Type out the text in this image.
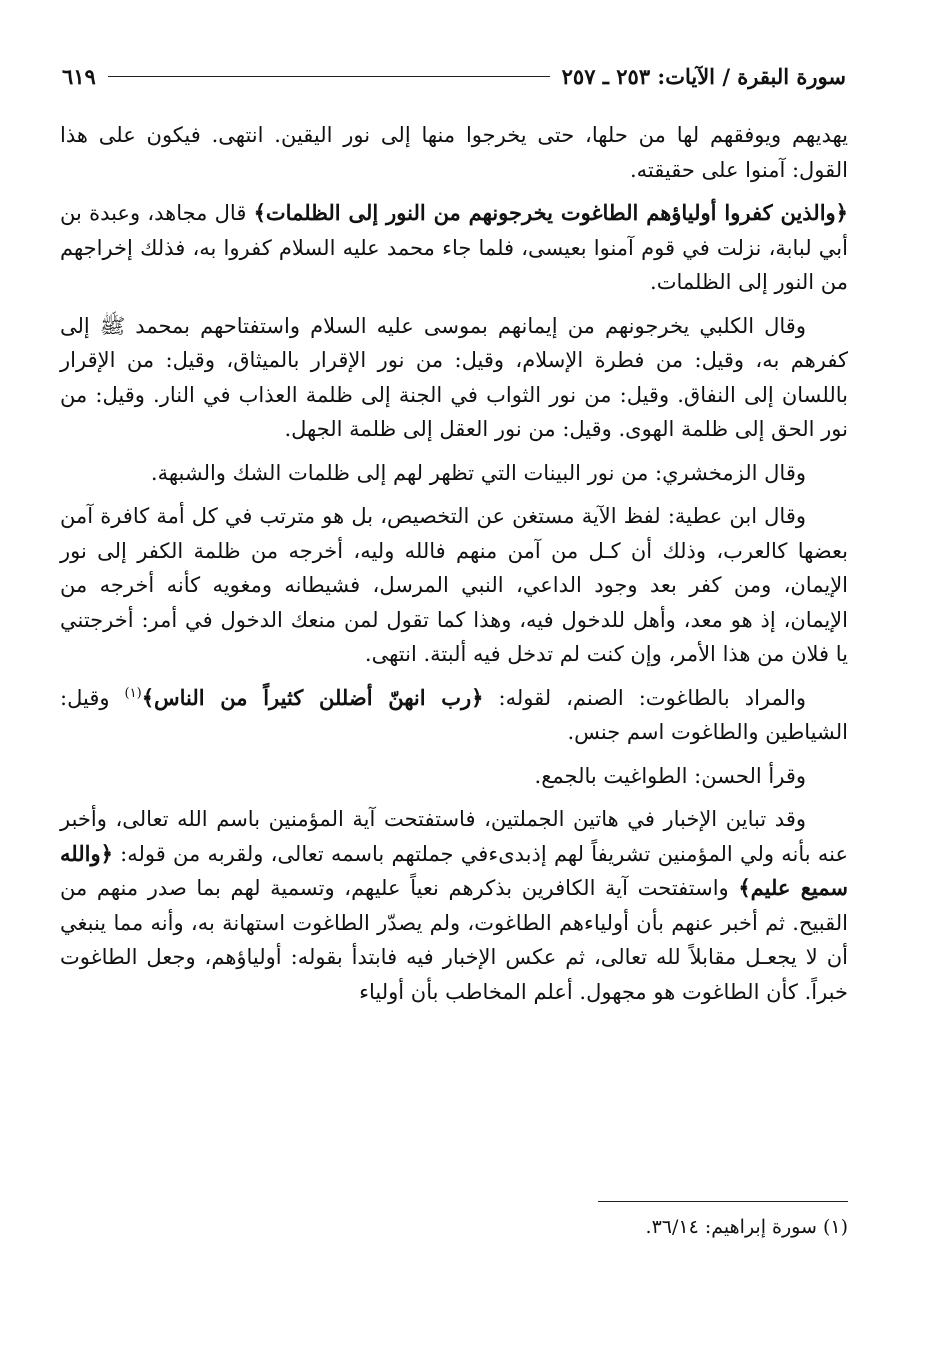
سورة البقرة / الآيات: ٢٥٣ ـ ٢٥٧
٦١٩

يهديهم ويوفقهم لها من حلها، حتى يخرجوا منها إلى نور اليقين. انتهى. فيكون على هذا القول: آمنوا على حقيقته.

﴿والذين كفروا أولياؤهم الطاغوت يخرجونهم من النور إلى الظلمات﴾ قال مجاهد، وعبدة بن أبي لبابة، نزلت في قوم آمنوا بعيسى، فلما جاء محمد عليه السلام كفروا به، فذلك إخراجهم من النور إلى الظلمات.

وقال الكلبي يخرجونهم من إيمانهم بموسى عليه السلام واستفتاحهم بمحمد ﷺ إلى كفرهم به، وقيل: من فطرة الإسلام، وقيل: من نور الإقرار بالميثاق، وقيل: من الإقرار باللسان إلى النفاق. وقيل: من نور الثواب في الجنة إلى ظلمة العذاب في النار. وقيل: من نور الحق إلى ظلمة الهوى. وقيل: من نور العقل إلى ظلمة الجهل.

وقال الزمخشري: من نور البينات التي تظهر لهم إلى ظلمات الشك والشبهة.

وقال ابن عطية: لفظ الآية مستغن عن التخصيص، بل هو مترتب في كل أمة كافرة آمن بعضها كالعرب، وذلك أن كـل من آمن منهم فالله وليه، أخرجه من ظلمة الكفر إلى نور الإيمان، ومن كفر بعد وجود الداعي، النبي المرسل، فشيطانه ومغويه كأنه أخرجه من الإيمان، إذ هو معد، وأهل للدخول فيه، وهذا كما تقول لمن منعك الدخول في أمر: أخرجتني يا فلان من هذا الأمر، وإن كنت لم تدخل فيه ألبتة. انتهى.

والمراد بالطاغوت: الصنم، لقوله: ﴿رب انهنّ أضللن كثيراً من الناس﴾$^{(١)}$ وقيل: الشياطين والطاغوت اسم جنس.

وقرأ الحسن: الطواغيت بالجمع.

وقد تباين الإخبار في هاتين الجملتين، فاستفتحت آية المؤمنين باسم الله تعالى، وأخبر عنه بأنه ولي المؤمنين تشريفاً لهم إذبدىءفي جملتهم باسمه تعالى، ولقربه من قوله: ﴿والله سميع عليم﴾ واستفتحت آية الكافرين بذكرهم نعياً عليهم، وتسمية لهم بما صدر منهم من القبيح. ثم أخبر عنهم بأن أولياءهم الطاغوت، ولم يصدّر الطاغوت استهانة به، وأنه مما ينبغي أن لا يجعـل مقابلاً لله تعالى، ثم عكس الإخبار فيه فابتدأ بقوله: أولياؤهم، وجعل الطاغوت خبراً. كأن الطاغوت هو مجهول. أعلم المخاطب بأن أولياء

(١) سورة إبراهيم: ٣٦/١٤.
